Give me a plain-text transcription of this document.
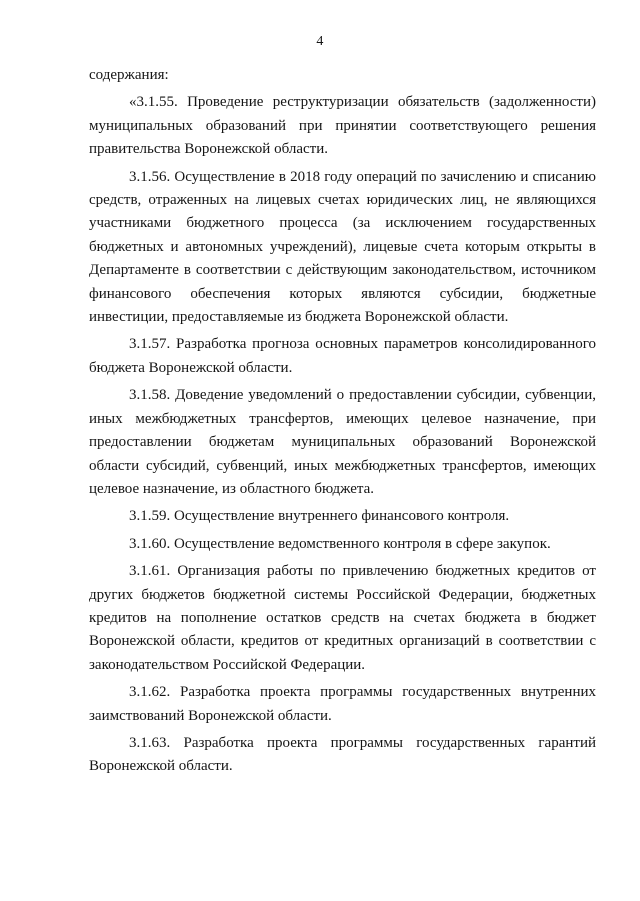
4

содержания:

«3.1.55. Проведение реструктуризации обязательств (задолженности) муниципальных образований при принятии соответствующего решения правительства Воронежской области.

3.1.56. Осуществление в 2018 году операций по зачислению и списанию средств, отраженных на лицевых счетах юридических лиц, не являющихся участниками бюджетного процесса (за исключением государственных бюджетных и автономных учреждений), лицевые счета которым открыты в Департаменте в соответствии с действующим законодательством, источником финансового обеспечения которых являются субсидии, бюджетные инвестиции, предоставляемые из бюджета Воронежской области.

3.1.57. Разработка прогноза основных параметров консолидированного бюджета Воронежской области.

3.1.58. Доведение уведомлений о предоставлении субсидии, субвенции, иных межбюджетных трансфертов, имеющих целевое назначение, при предоставлении бюджетам муниципальных образований Воронежской области субсидий, субвенций, иных межбюджетных трансфертов, имеющих целевое назначение, из областного бюджета.

3.1.59. Осуществление внутреннего финансового контроля.

3.1.60. Осуществление ведомственного контроля в сфере закупок.

3.1.61. Организация работы по привлечению бюджетных кредитов от других бюджетов бюджетной системы Российской Федерации, бюджетных кредитов на пополнение остатков средств на счетах бюджета в бюджет Воронежской области, кредитов от кредитных организаций в соответствии с законодательством Российской Федерации.

3.1.62. Разработка проекта программы государственных внутренних заимствований Воронежской области.

3.1.63. Разработка проекта программы государственных гарантий Воронежской области.
